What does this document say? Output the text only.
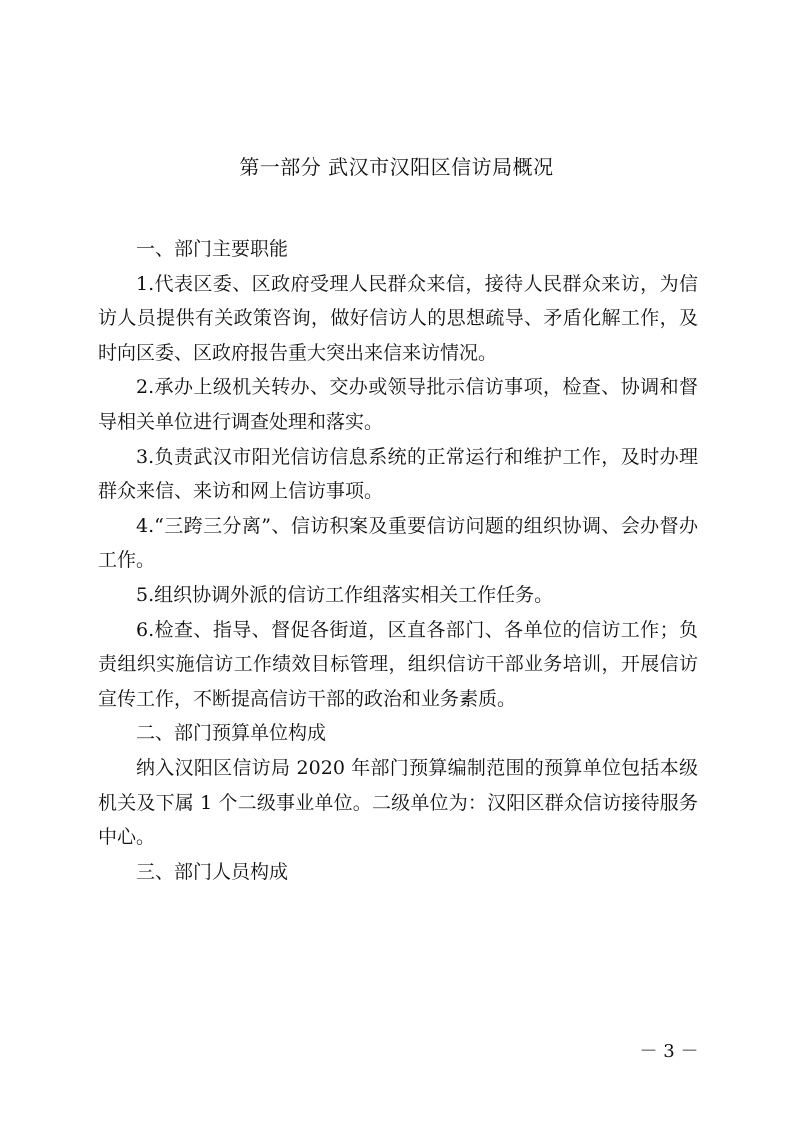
第一部分 武汉市汉阳区信访局概况

一、部门主要职能

1.代表区委、区政府受理人民群众来信，接待人民群众来访，为信访人员提供有关政策咨询，做好信访人的思想疏导、矛盾化解工作，及时向区委、区政府报告重大突出来信来访情况。

2.承办上级机关转办、交办或领导批示信访事项，检查、协调和督导相关单位进行调查处理和落实。

3.负责武汉市阳光信访信息系统的正常运行和维护工作，及时办理群众来信、来访和网上信访事项。

4.“三跨三分离”、信访积案及重要信访问题的组织协调、会办督办工作。

5.组织协调外派的信访工作组落实相关工作任务。

6.检查、指导、督促各街道，区直各部门、各单位的信访工作；负责组织实施信访工作绩效目标管理，组织信访干部业务培训，开展信访宣传工作，不断提高信访干部的政治和业务素质。

二、部门预算单位构成

纳入汉阳区信访局 2020 年部门预算编制范围的预算单位包括本级机关及下属 1 个二级事业单位。二级单位为：汉阳区群众信访接待服务中心。

三、部门人员构成

－ 3 －
